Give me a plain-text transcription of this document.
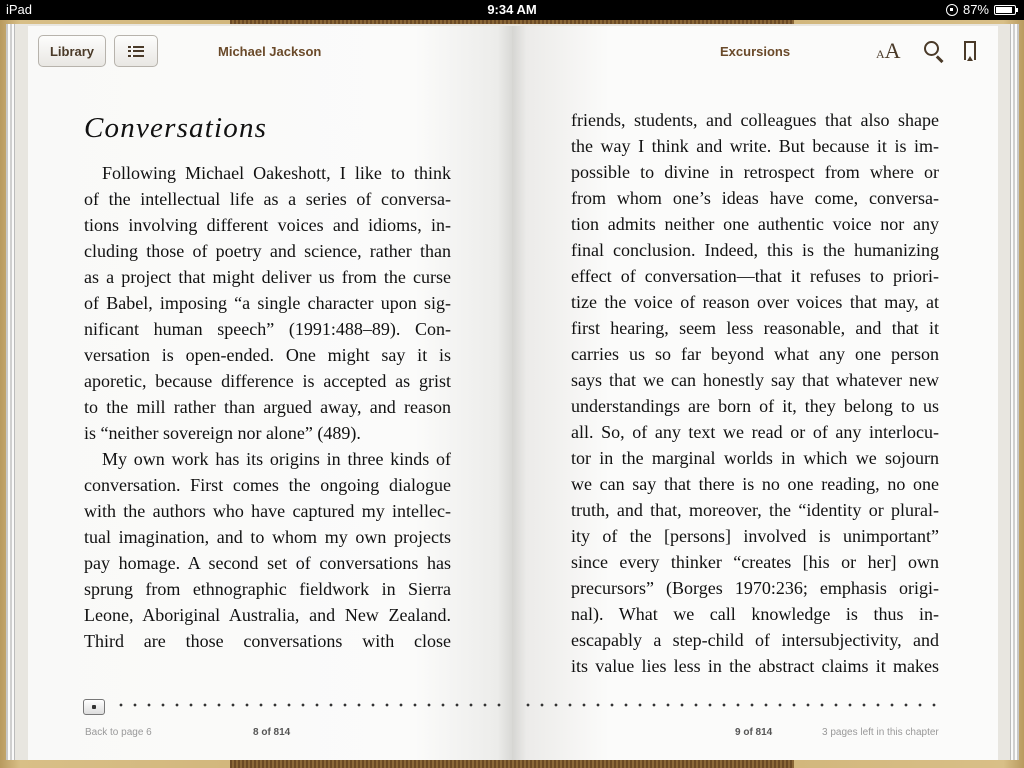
iPad	9:34 AM	87%
Library	Michael Jackson	Excursions	AA
Conversations
Following Michael Oakeshott, I like to think
of the intellectual life as a series of conversa-
tions involving different voices and idioms, in-
cluding those of poetry and science, rather than
as a project that might deliver us from the curse
of Babel, imposing “a single character upon sig-
nificant human speech” (1991:488–89). Con-
versation is open-ended. One might say it is
aporetic, because difference is accepted as grist
to the mill rather than argued away, and reason
is “neither sovereign nor alone” (489).
My own work has its origins in three kinds of
conversation. First comes the ongoing dialogue
with the authors who have captured my intellec-
tual imagination, and to whom my own projects
pay homage. A second set of conversations has
sprung from ethnographic fieldwork in Sierra
Leone, Aboriginal Australia, and New Zealand.
Third are those conversations with close
friends, students, and colleagues that also shape
the way I think and write. But because it is im-
possible to divine in retrospect from where or
from whom one’s ideas have come, conversa-
tion admits neither one authentic voice nor any
final conclusion. Indeed, this is the humanizing
effect of conversation—that it refuses to priori-
tize the voice of reason over voices that may, at
first hearing, seem less reasonable, and that it
carries us so far beyond what any one person
says that we can honestly say that whatever new
understandings are born of it, they belong to us
all. So, of any text we read or of any interlocu-
tor in the marginal worlds in which we sojourn
we can say that there is no one reading, no one
truth, and that, moreover, the “identity or plural-
ity of the [persons] involved is unimportant”
since every thinker “creates [his or her] own
precursors” (Borges 1970:236; emphasis origi-
nal). What we call knowledge is thus in-
escapably a step-child of intersubjectivity, and
its value lies less in the abstract claims it makes
Back to page 6	8 of 814	9 of 814	3 pages left in this chapter
